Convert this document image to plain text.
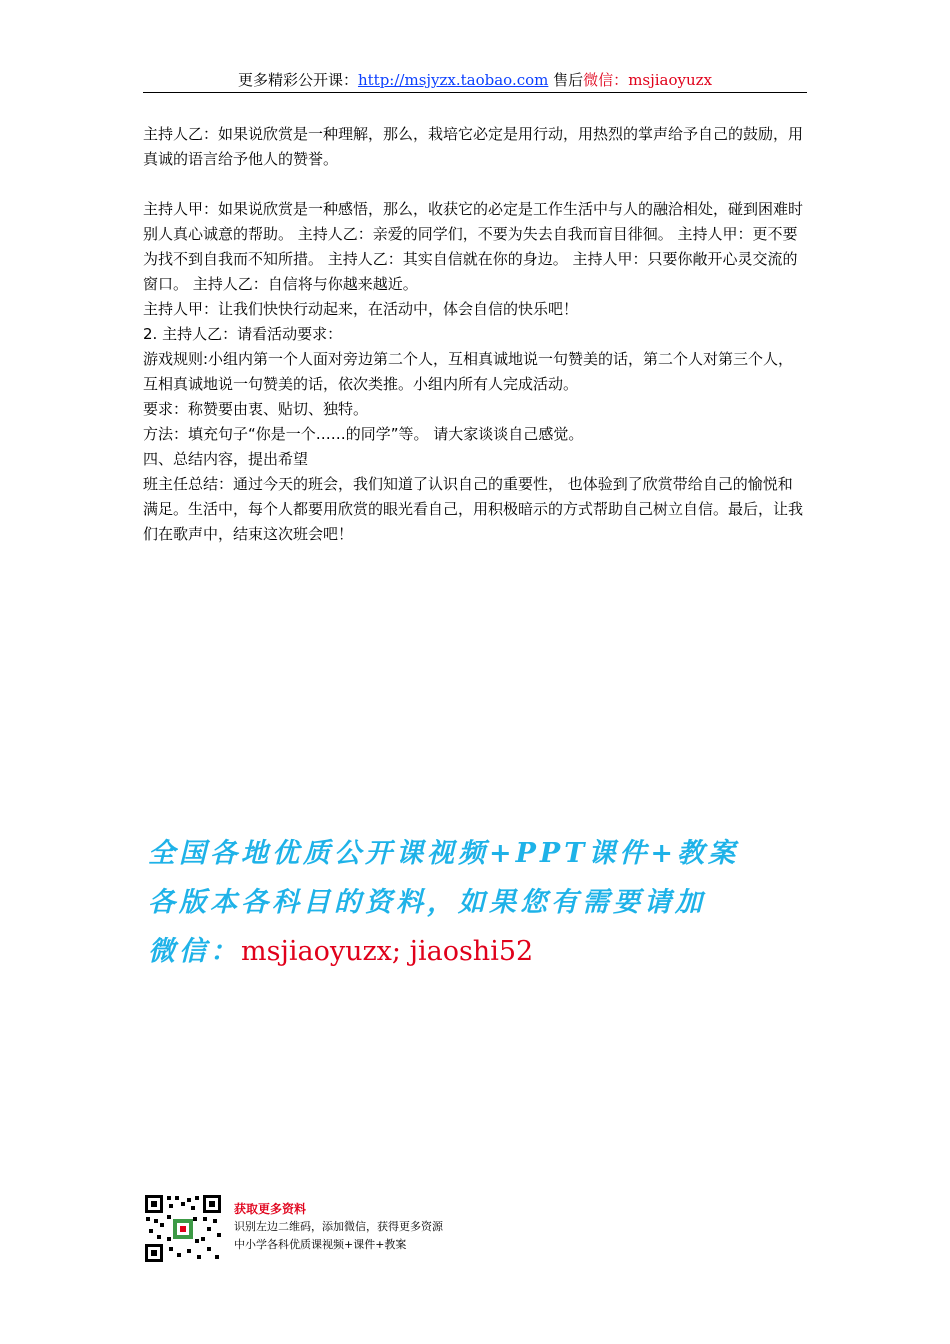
更多精彩公开课：http://msjyzx.taobao.com 售后微信：msjiaoyuzx

主持人乙：如果说欣赏是一种理解，那么，栽培它必定是用行动，用热烈的掌声给予自己的鼓励，用真诚的语言给予他人的赞誉。

主持人甲：如果说欣赏是一种感悟，那么，收获它的必定是工作生活中与人的融洽相处，碰到困难时别人真心诚意的帮助。 主持人乙：亲爱的同学们，不要为失去自我而盲目徘徊。 主持人甲：更不要为找不到自我而不知所措。 主持人乙：其实自信就在你的身边。 主持人甲：只要你敞开心灵交流的窗口。 主持人乙：自信将与你越来越近。

主持人甲：让我们快快行动起来，在活动中，体会自信的快乐吧！

2. 主持人乙：请看活动要求：

游戏规则:小组内第一个人面对旁边第二个人，互相真诚地说一句赞美的话，第二个人对第三个人，互相真诚地说一句赞美的话，依次类推。小组内所有人完成活动。

要求：称赞要由衷、贴切、独特。

方法：填充句子“你是一个……的同学”等。 请大家谈谈自己感觉。

四、总结内容，提出希望

班主任总结：通过今天的班会，我们知道了认识自己的重要性， 也体验到了欣赏带给自己的愉悦和满足。生活中，每个人都要用欣赏的眼光看自己，用积极暗示的方式帮助自己树立自信。最后，让我们在歌声中，结束这次班会吧！

全国各地优质公开课视频+PPT课件+教案
各版本各科目的资料，如果您有需要请加
微信：msjiaoyuzx; jiaoshi52
获取更多资料
识别左边二维码，添加微信，获得更多资源
中小学各科优质课视频+课件+教案
